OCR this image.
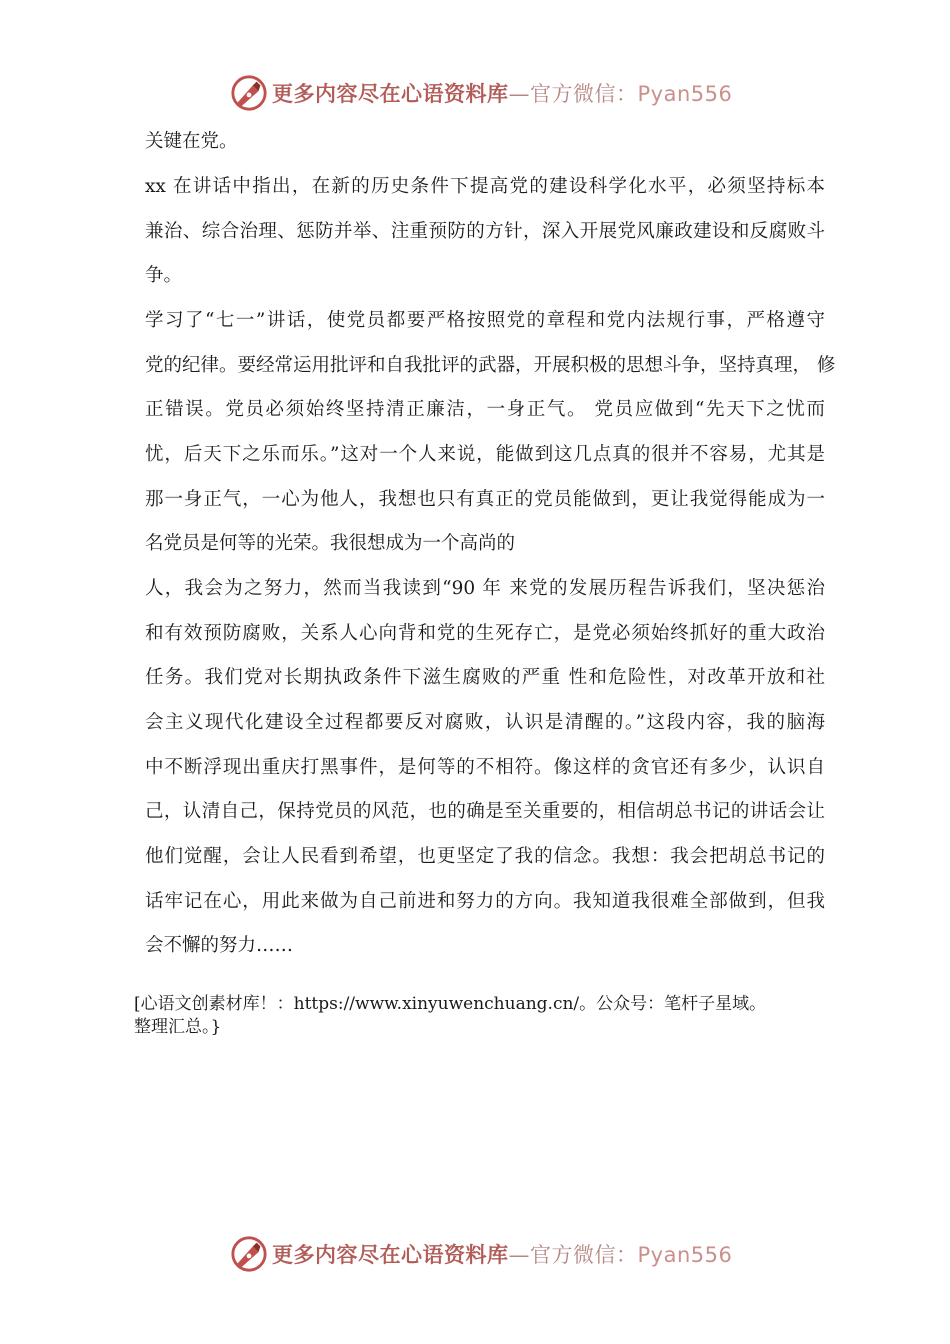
更多内容尽在心语资料库—官方微信：Pyan556
关键在党。
xx 在讲话中指出，在新的历史条件下提高党的建设科学化水平，必须坚持标本
兼治、综合治理、惩防并举、注重预防的方针，深入开展党风廉政建设和反腐败斗
争。
学习了“七一”讲话，使党员都要严格按照党的章程和党内法规行事，严格遵守
党的纪律。要经常运用批评和自我批评的武器，开展积极的思想斗争，坚持真理， 修
正错误。党员必须始终坚持清正廉洁，一身正气。 党员应做到“先天下之忧而
忧，后天下之乐而乐。”这对一个人来说，能做到这几点真的很并不容易，尤其是
那一身正气，一心为他人，我想也只有真正的党员能做到，更让我觉得能成为一
名党员是何等的光荣。我很想成为一个高尚的
人，我会为之努力，然而当我读到“90 年 来党的发展历程告诉我们，坚决惩治
和有效预防腐败，关系人心向背和党的生死存亡，是党必须始终抓好的重大政治
任务。我们党对长期执政条件下滋生腐败的严重 性和危险性，对改革开放和社
会主义现代化建设全过程都要反对腐败，认识是清醒的。”这段内容，我的脑海
中不断浮现出重庆打黑事件，是何等的不相符。像这样的贪官还有多少，认识自
己，认清自己，保持党员的风范，也的确是至关重要的，相信胡总书记的讲话会让
他们觉醒，会让人民看到希望，也更坚定了我的信念。我想：我会把胡总书记的
话牢记在心，用此来做为自己前进和努力的方向。我知道我很难全部做到，但我
会不懈的努力……
[心语文创素材库！：https://www.xinyuwenchuang.cn/。公众号：笔杆子星域。
整理汇总。}
更多内容尽在心语资料库—官方微信：Pyan556
